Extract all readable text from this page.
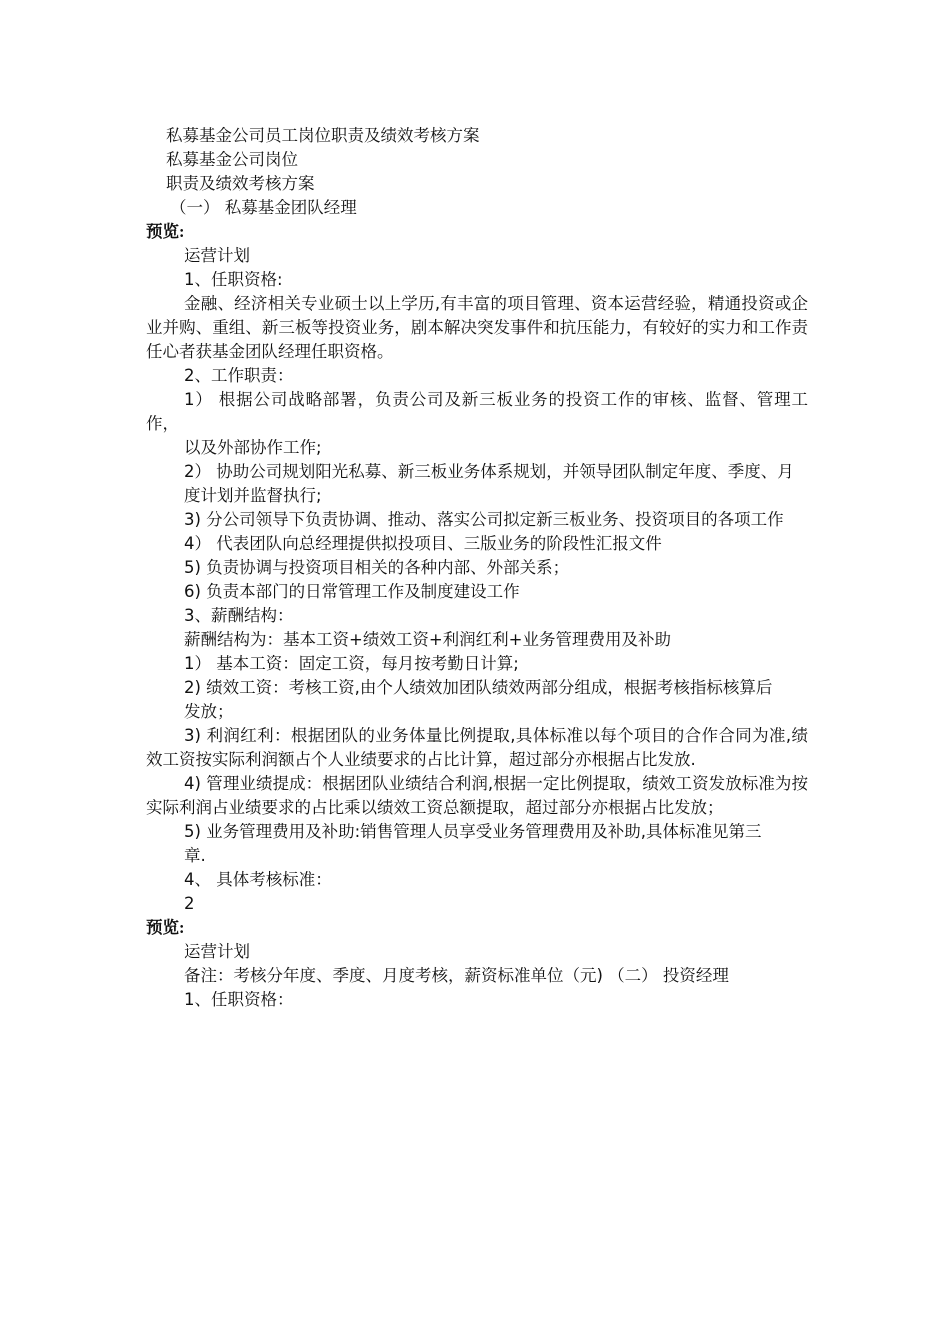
私募基金公司员工岗位职责及绩效考核方案

私募基金公司岗位

职责及绩效考核方案

（一） 私募基金团队经理

预览:

运营计划

1、任职资格:

金融、经济相关专业硕士以上学历,有丰富的项目管理、资本运营经验，精通投资或企业并购、重组、新三板等投资业务，剧本解决突发事件和抗压能力，有较好的实力和工作责任心者获基金团队经理任职资格。

2、工作职责：

1） 根据公司战略部署，负责公司及新三板业务的投资工作的审核、监督、管理工作，

以及外部协作工作;

2） 协助公司规划阳光私募、新三板业务体系规划，并领导团队制定年度、季度、月

度计划并监督执行;

3) 分公司领导下负责协调、推动、落实公司拟定新三板业务、投资项目的各项工作

4） 代表团队向总经理提供拟投项目、三版业务的阶段性汇报文件

5) 负责协调与投资项目相关的各种内部、外部关系；

6) 负责本部门的日常管理工作及制度建设工作

3、薪酬结构：

薪酬结构为：基本工资+绩效工资+利润红利+业务管理费用及补助

1） 基本工资：固定工资，每月按考勤日计算;

2) 绩效工资：考核工资,由个人绩效加团队绩效两部分组成，根据考核指标核算后

发放；

3) 利润红利：根据团队的业务体量比例提取,具体标准以每个项目的合作合同为准,绩效工资按实际利润额占个人业绩要求的占比计算，超过部分亦根据占比发放.

4) 管理业绩提成：根据团队业绩结合利润,根据一定比例提取，绩效工资发放标准为按实际利润占业绩要求的占比乘以绩效工资总额提取，超过部分亦根据占比发放；

5) 业务管理费用及补助:销售管理人员享受业务管理费用及补助,具体标准见第三

章.

4、 具体考核标准：

2

预览:

运营计划

备注：考核分年度、季度、月度考核，薪资标准单位（元) （二） 投资经理

1、任职资格：
